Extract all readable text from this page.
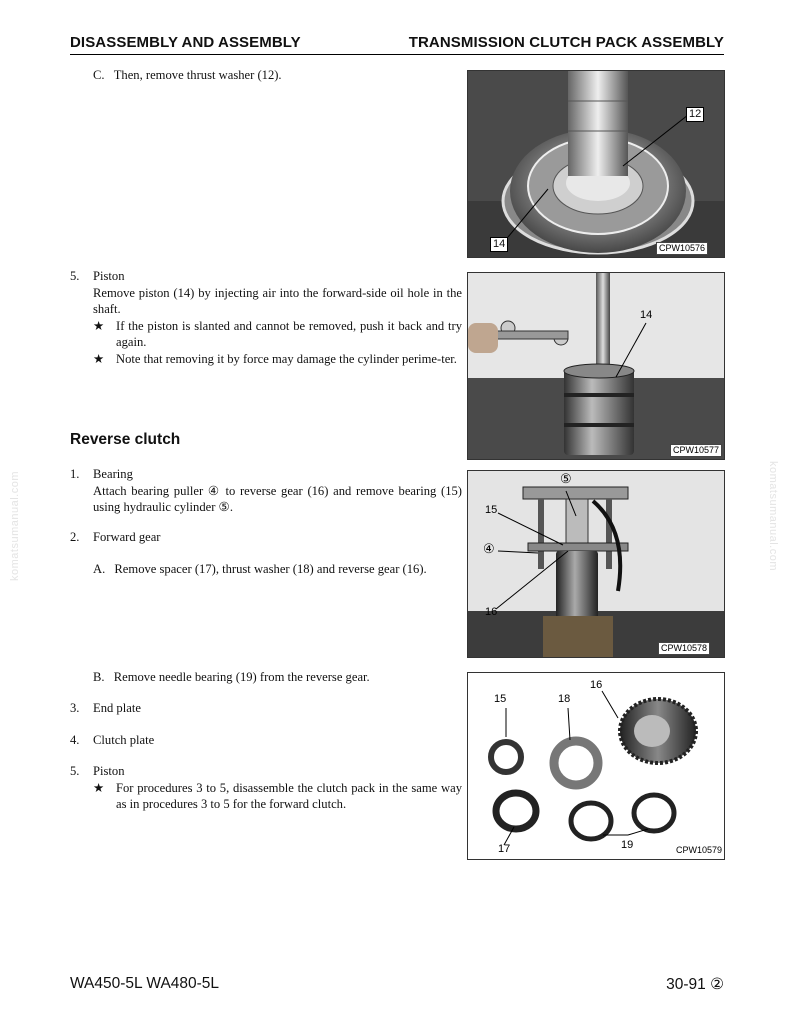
DISASSEMBLY AND ASSEMBLY	TRANSMISSION CLUTCH PACK ASSEMBLY
komatsumanual.com	komatsumanual.com
C. Then, remove thrust washer (12).
5. Piston
Remove piston (14) by injecting air into the forward-side oil hole in the shaft.
★ If the piston is slanted and cannot be removed, push it back and try again.
★ Note that removing it by force may damage the cylinder perime-ter.
Reverse clutch
1. Bearing
Attach bearing puller ④ to reverse gear (16) and remove bearing (15) using hydraulic cylinder ⑤.
2. Forward gear
A. Remove spacer (17), thrust washer (18) and reverse gear (16).
B. Remove needle bearing (19) from the reverse gear.
3. End plate
4. Clutch plate
5. Piston
★ For procedures 3 to 5, disassemble the clutch pack in the same way as in procedures 3 to 5 for the forward clutch.
12
14	CPW10576
14
CPW10577
⑤
15
④
16
CPW10578
15	18
16
17	19	CPW10579
WA450-5L WA480-5L	30-91 ②
